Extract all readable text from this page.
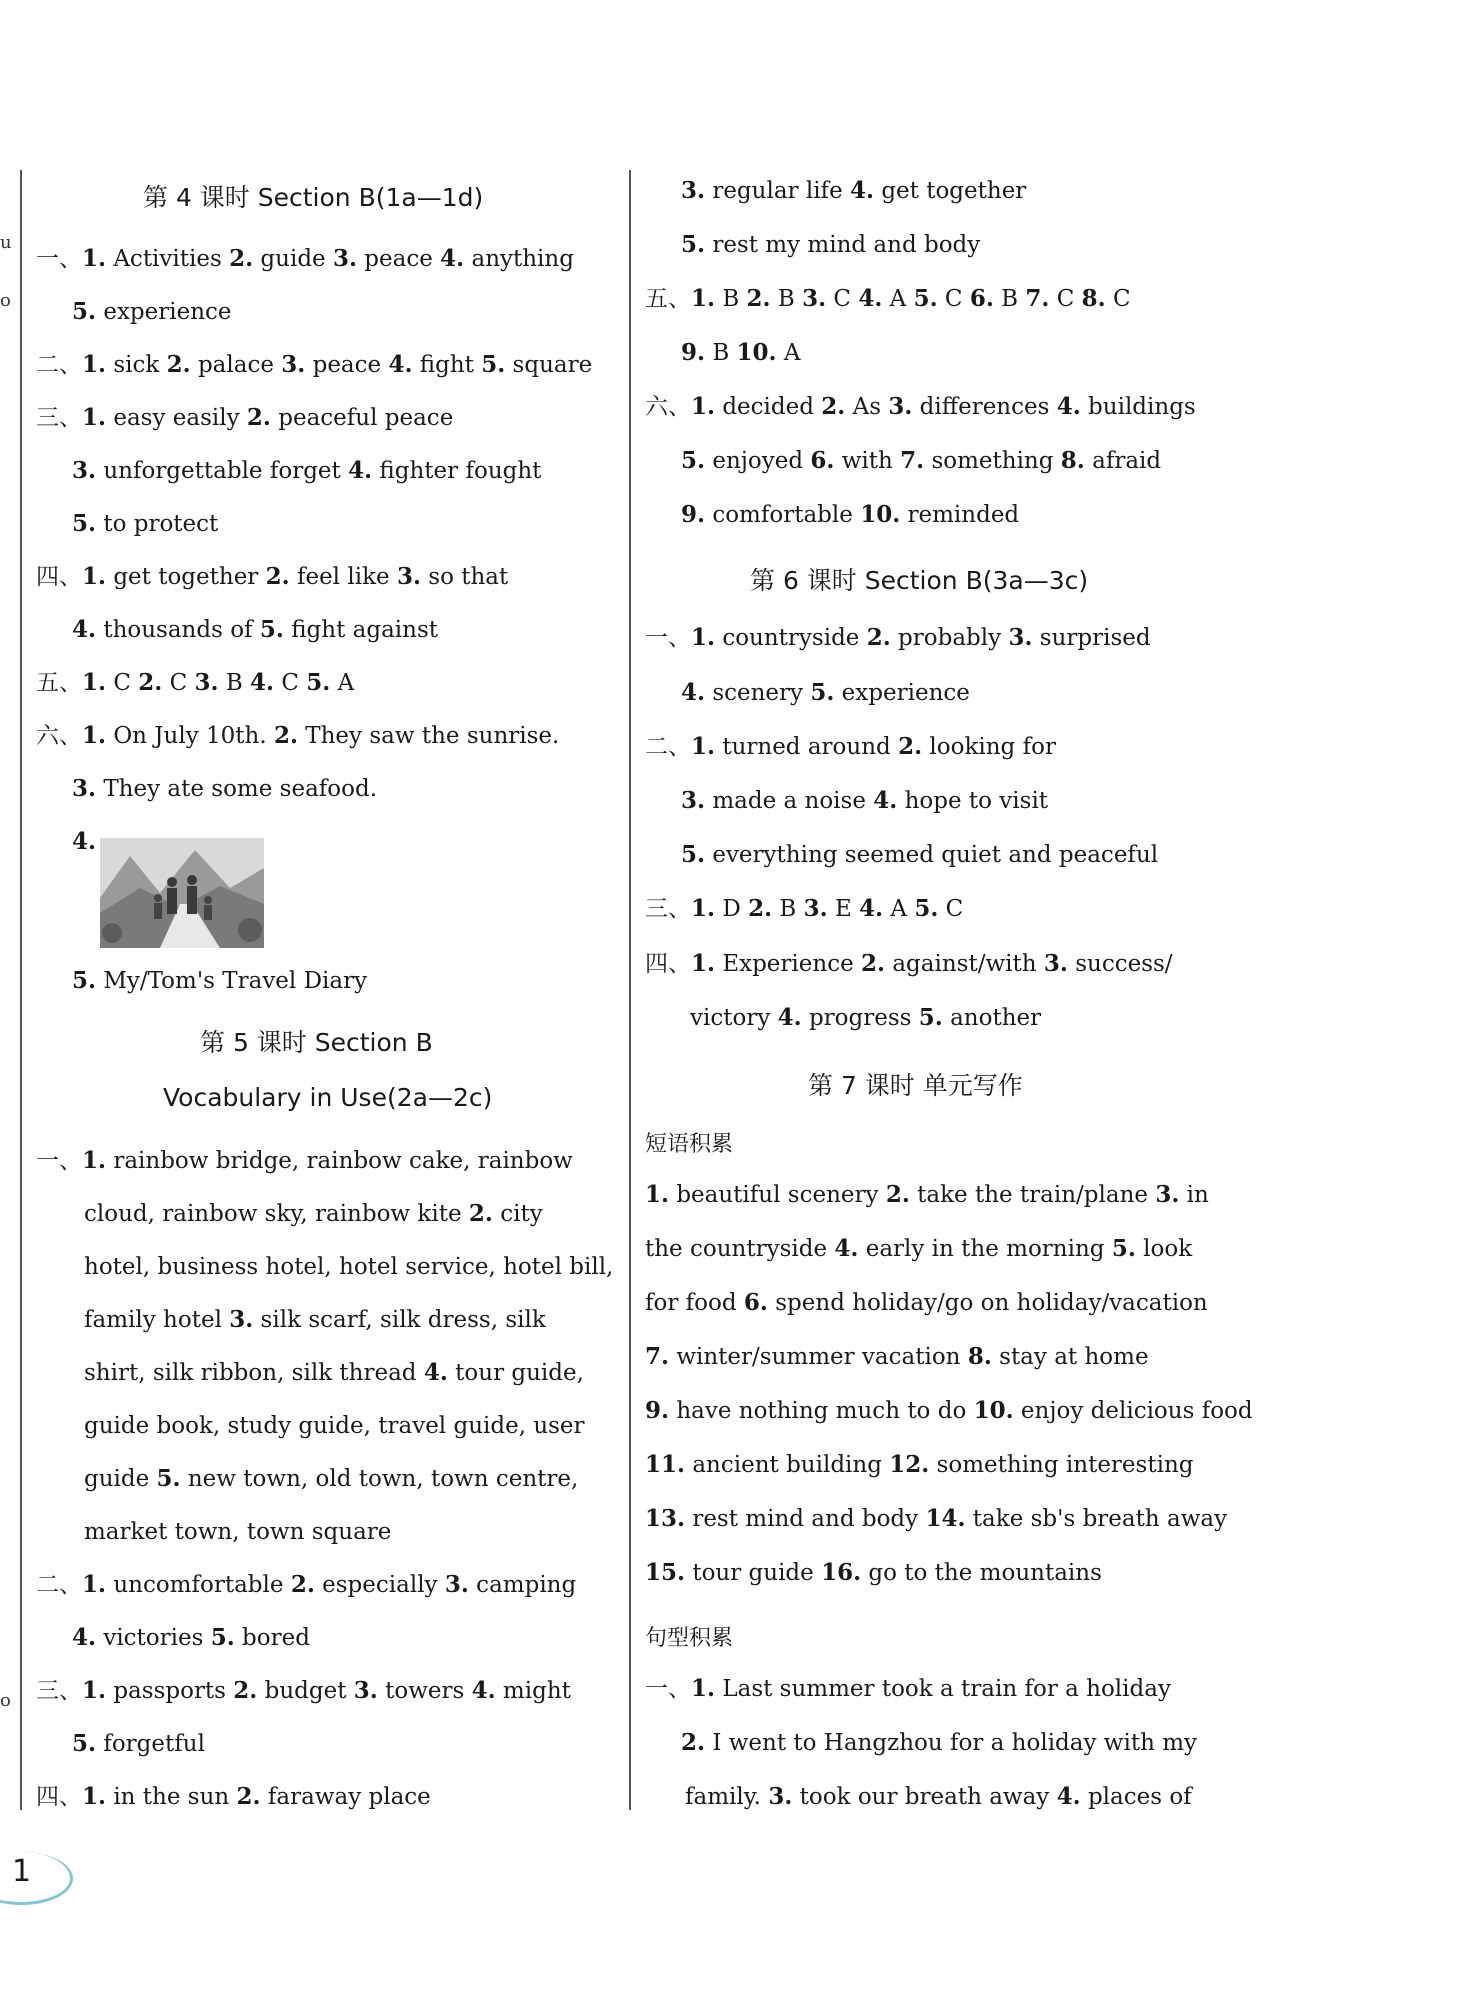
u
o
o
第 4 课时 Section B(1a—1d)
一、1. Activities 2. guide 3. peace 4. anything
5. experience
二、1. sick 2. palace 3. peace 4. fight 5. square
三、1. easy easily 2. peaceful peace
3. unforgettable forget 4. fighter fought
5. to protect
四、1. get together 2. feel like 3. so that
4. thousands of 5. fight against
五、1. C 2. C 3. B 4. C 5. A
六、1. On July 10th. 2. They saw the sunrise.
3. They ate some seafood.
4.
5. My/Tom's Travel Diary
第 5 课时 Section B
Vocabulary in Use(2a—2c)
一、1. rainbow bridge, rainbow cake, rainbow
cloud, rainbow sky, rainbow kite 2. city
hotel, business hotel, hotel service, hotel bill,
family hotel 3. silk scarf, silk dress, silk
shirt, silk ribbon, silk thread 4. tour guide,
guide book, study guide, travel guide, user
guide 5. new town, old town, town centre,
market town, town square
二、1. uncomfortable 2. especially 3. camping
4. victories 5. bored
三、1. passports 2. budget 3. towers 4. might
5. forgetful
四、1. in the sun 2. faraway place
3. regular life 4. get together
5. rest my mind and body
五、1. B 2. B 3. C 4. A 5. C 6. B 7. C 8. C
9. B 10. A
六、1. decided 2. As 3. differences 4. buildings
5. enjoyed 6. with 7. something 8. afraid
9. comfortable 10. reminded
第 6 课时 Section B(3a—3c)
一、1. countryside 2. probably 3. surprised
4. scenery 5. experience
二、1. turned around 2. looking for
3. made a noise 4. hope to visit
5. everything seemed quiet and peaceful
三、1. D 2. B 3. E 4. A 5. C
四、1. Experience 2. against/with 3. success/
victory 4. progress 5. another
第 7 课时 单元写作
短语积累
1. beautiful scenery 2. take the train/plane 3. in
the countryside 4. early in the morning 5. look
for food 6. spend holiday/go on holiday/vacation
7. winter/summer vacation 8. stay at home
9. have nothing much to do 10. enjoy delicious food
11. ancient building 12. something interesting
13. rest mind and body 14. take sb's breath away
15. tour guide 16. go to the mountains
句型积累
一、1. Last summer took a train for a holiday
2. I went to Hangzhou for a holiday with my
family. 3. took our breath away 4. places of
1
